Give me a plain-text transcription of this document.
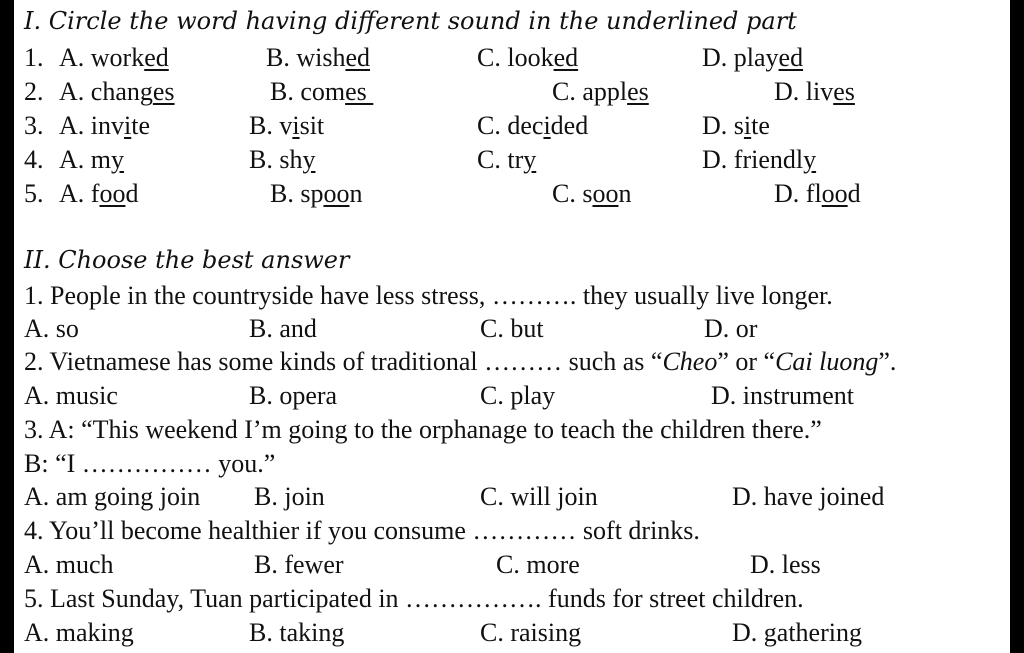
I. Circle the word having different sound in the underlined part
1. A. worked	B. wished	C. looked	D. played
2. A. changes	B. comes	C. apples	D. lives
3. A. invite	B. visit	C. decided	D. site
4. A. my	B. shy	C. try	D. friendly
5. A. food	B. spoon	C. soon	D. flood
II. Choose the best answer
1. People in the countryside have less stress, ………. they usually live longer.
A. so	B. and	C. but	D. or
2. Vietnamese has some kinds of traditional ……… such as “Cheo” or “Cai luong”.
A. music	B. opera	C. play	D. instrument
3. A: “This weekend I’m going to the orphanage to teach the children there.”
B: “I …………… you.”
A. am going join B. join	C. will join	D. have joined
4. You’ll become healthier if you consume ………… soft drinks.
A. much	B. fewer	C. more	D. less
5. Last Sunday, Tuan participated in ……………. funds for street children.
A. making	B. taking	C. raising	D. gathering
